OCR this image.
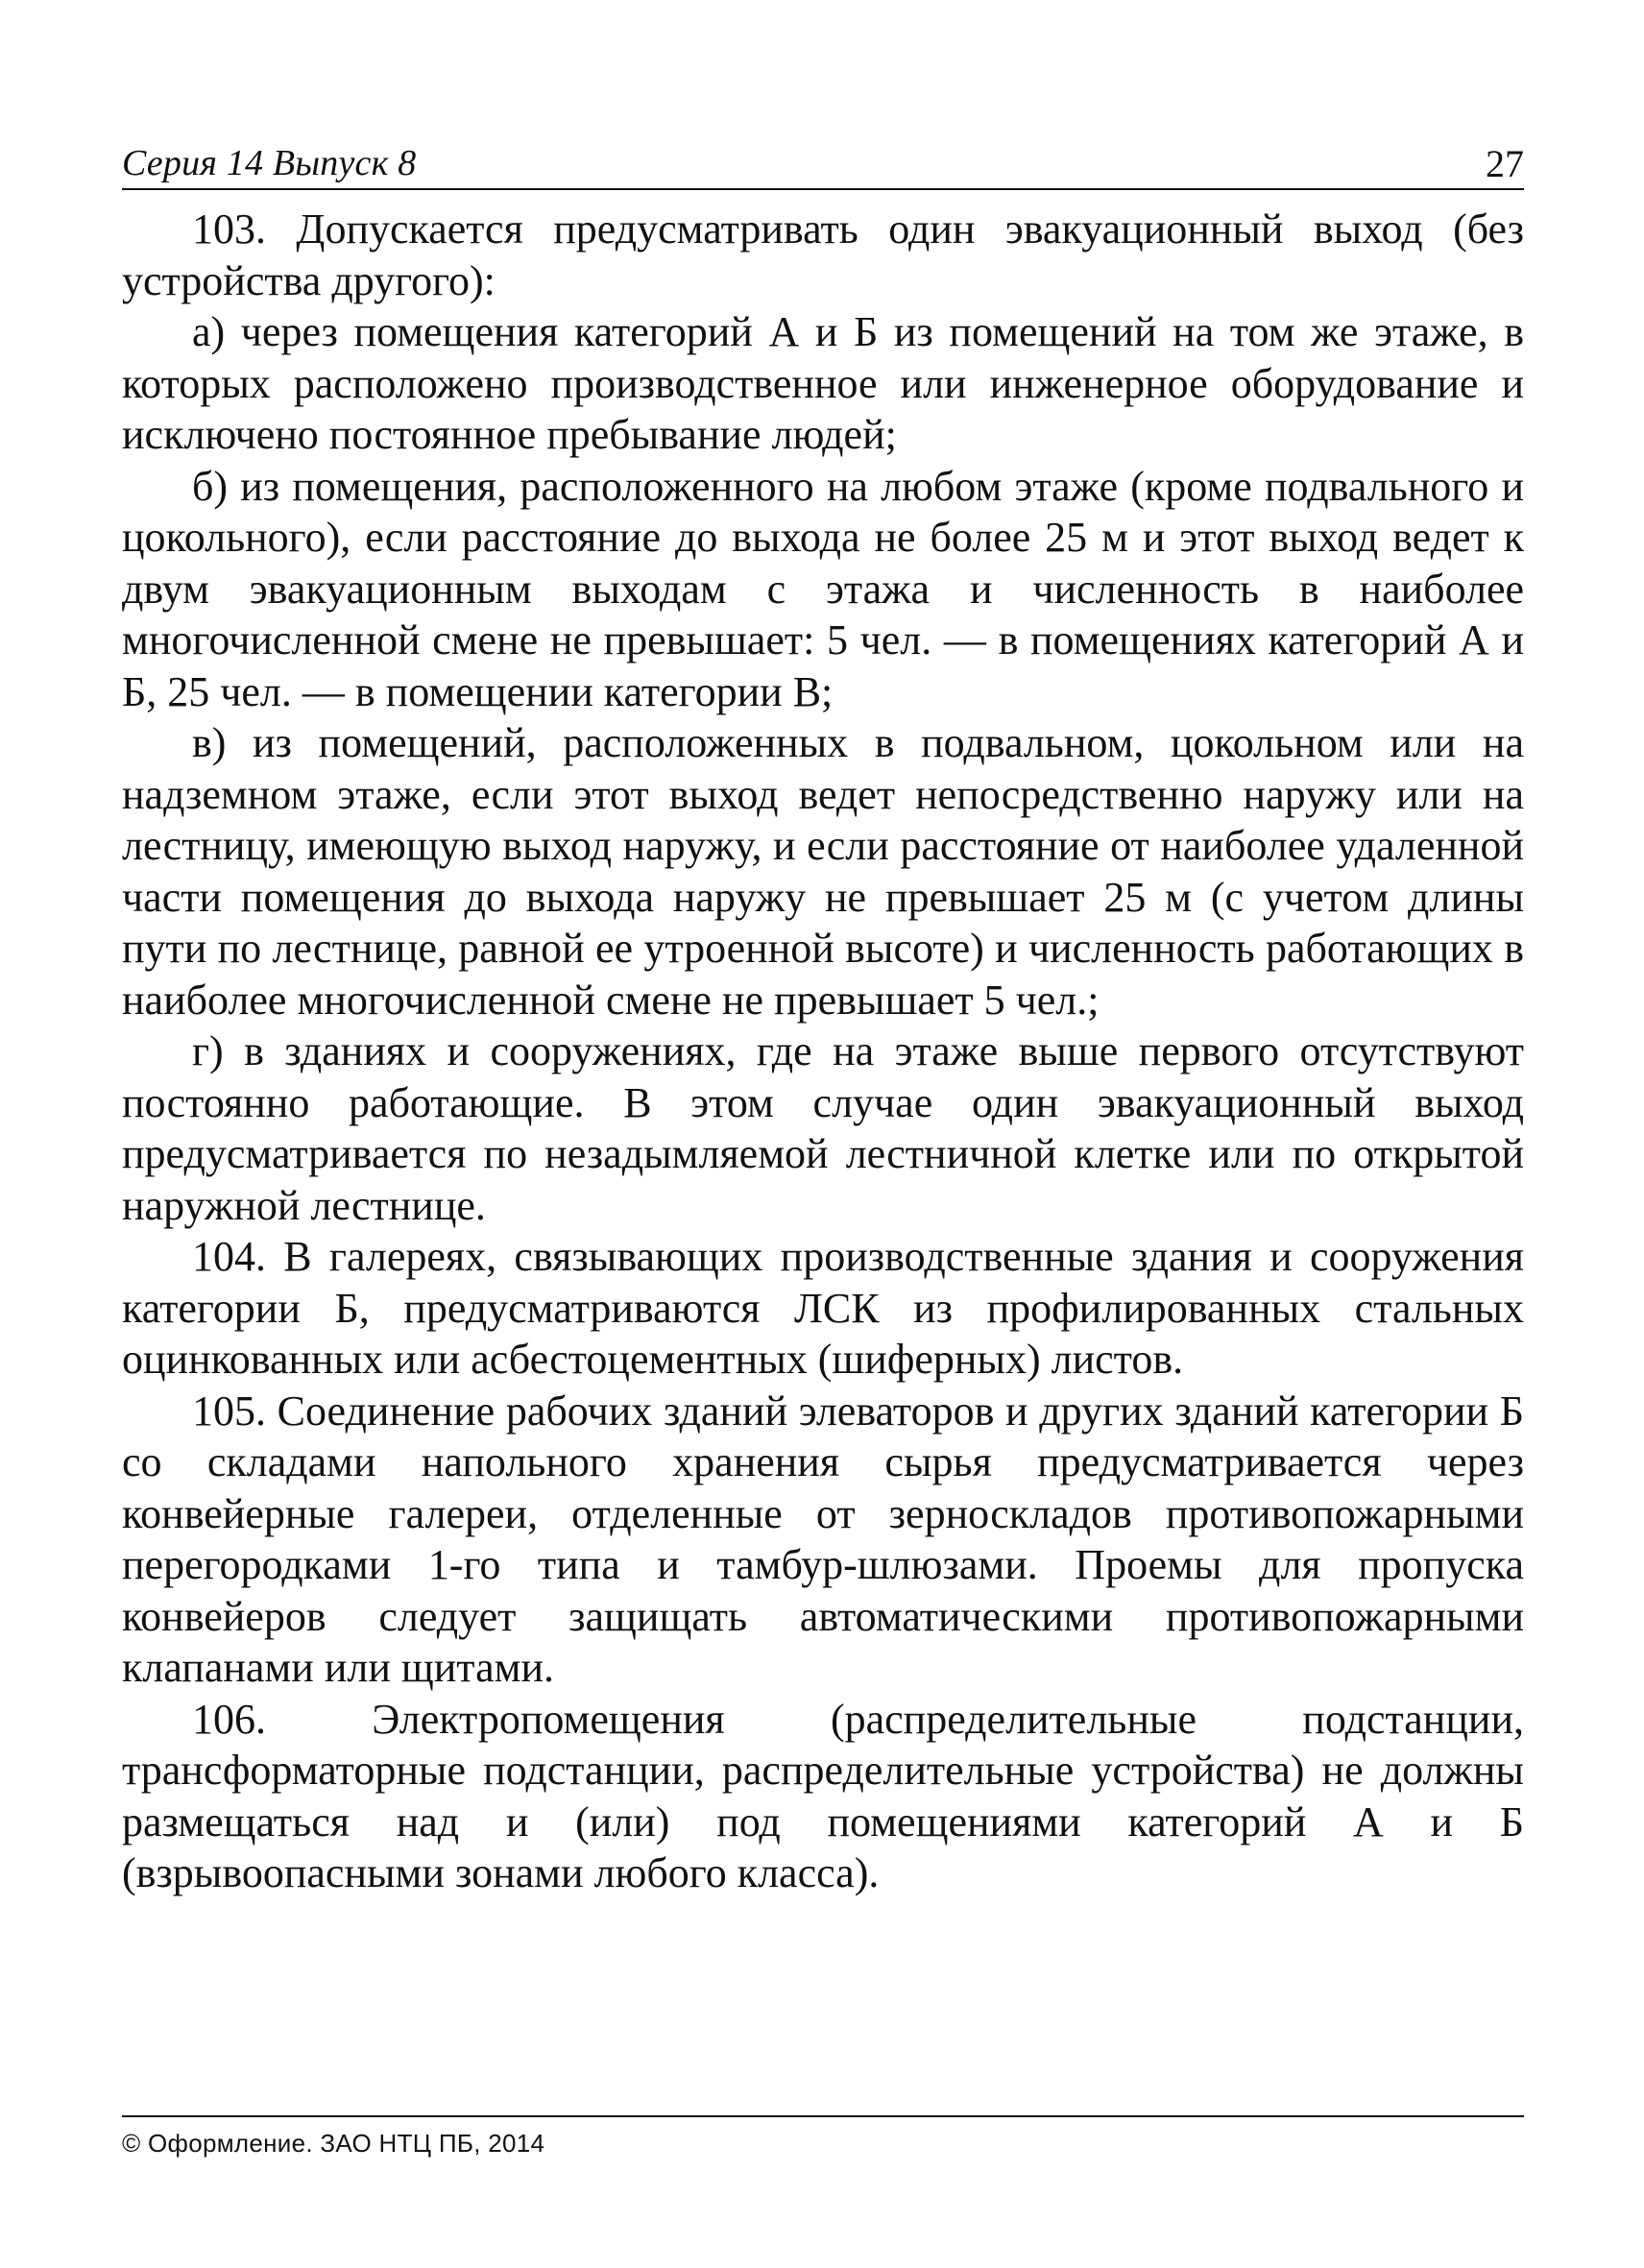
Серия 14 Выпуск 8	27

103. Допускается предусматривать один эвакуационный выход (без устройства другого):

а) через помещения категорий А и Б из помещений на том же этаже, в которых расположено производственное или инженерное оборудование и исключено постоянное пребывание людей;

б) из помещения, расположенного на любом этаже (кроме подвального и цокольного), если расстояние до выхода не более 25 м и этот выход ведет к двум эвакуационным выходам с этажа и численность в наиболее многочисленной смене не превышает: 5 чел. — в помещениях категорий А и Б, 25 чел. — в помещении категории В;

в) из помещений, расположенных в подвальном, цокольном или на надземном этаже, если этот выход ведет непосредственно наружу или на лестницу, имеющую выход наружу, и если расстояние от наиболее удаленной части помещения до выхода наружу не превышает 25 м (с учетом длины пути по лестнице, равной ее утроенной высоте) и численность работающих в наиболее многочисленной смене не превышает 5 чел.;

г) в зданиях и сооружениях, где на этаже выше первого отсутствуют постоянно работающие. В этом случае один эвакуационный выход предусматривается по незадымляемой лестничной клетке или по открытой наружной лестнице.

104. В галереях, связывающих производственные здания и сооружения категории Б, предусматриваются ЛСК из профилированных стальных оцинкованных или асбестоцементных (шиферных) листов.

105. Соединение рабочих зданий элеваторов и других зданий категории Б со складами напольного хранения сырья предусматривается через конвейерные галереи, отделенные от зерноскладов противопожарными перегородками 1-го типа и тамбур-шлюзами. Проемы для пропуска конвейеров следует защищать автоматическими противопожарными клапанами или щитами.

106. Электропомещения (распределительные подстанции, трансформаторные подстанции, распределительные устройства) не должны размещаться над и (или) под помещениями категорий А и Б (взрывоопасными зонами любого класса).

© Оформление. ЗАО НТЦ ПБ, 2014
